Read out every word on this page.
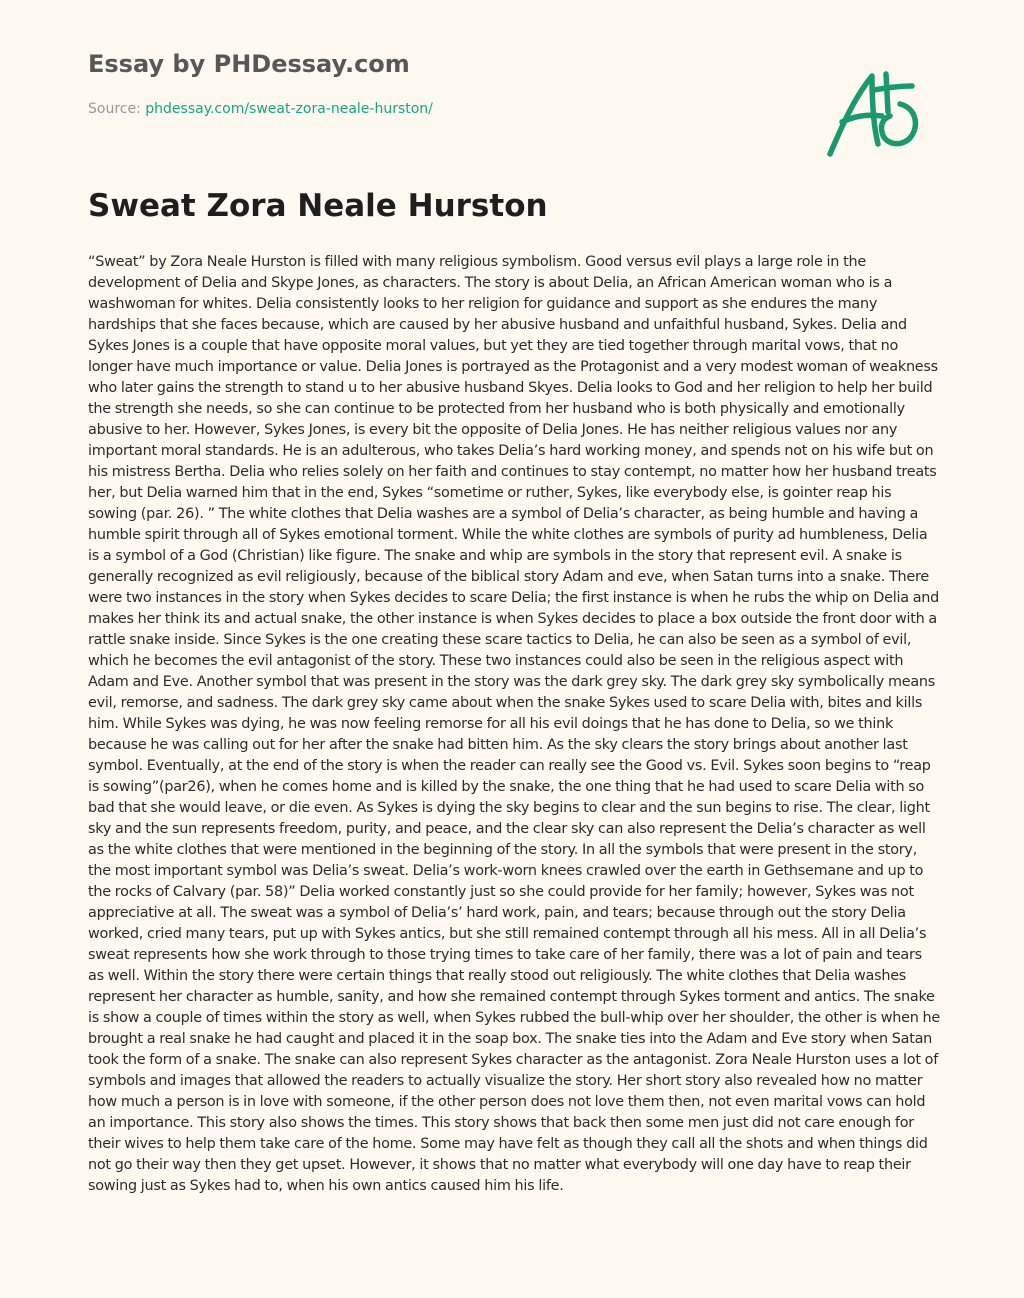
Essay by PHDessay.com
Source: phdessay.com/sweat-zora-neale-hurston/
Sweat Zora Neale Hurston

“Sweat” by Zora Neale Hurston is filled with many religious symbolism. Good versus evil plays a large role in the development of Delia and Skype Jones, as characters. The story is about Delia, an African American woman who is a washwoman for whites. Delia consistently looks to her religion for guidance and support as she endures the many hardships that she faces because, which are caused by her abusive husband and unfaithful husband, Sykes. Delia and Sykes Jones is a couple that have opposite moral values, but yet they are tied together through marital vows, that no longer have much importance or value. Delia Jones is portrayed as the Protagonist and a very modest woman of weakness who later gains the strength to stand u to her abusive husband Skyes. Delia looks to God and her religion to help her build the strength she needs, so she can continue to be protected from her husband who is both physically and emotionally abusive to her. However, Sykes Jones, is every bit the opposite of Delia Jones. He has neither religious values nor any important moral standards. He is an adulterous, who takes Delia’s hard working money, and spends not on his wife but on his mistress Bertha. Delia who relies solely on her faith and continues to stay contempt, no matter how her husband treats her, but Delia warned him that in the end, Sykes “sometime or ruther, Sykes, like everybody else, is gointer reap his sowing (par. 26). ” The white clothes that Delia washes are a symbol of Delia’s character, as being humble and having a humble spirit through all of Sykes emotional torment. While the white clothes are symbols of purity ad humbleness, Delia is a symbol of a God (Christian) like figure. The snake and whip are symbols in the story that represent evil. A snake is generally recognized as evil religiously, because of the biblical story Adam and eve, when Satan turns into a snake. There were two instances in the story when Sykes decides to scare Delia; the first instance is when he rubs the whip on Delia and makes her think its and actual snake, the other instance is when Sykes decides to place a box outside the front door with a rattle snake inside. Since Sykes is the one creating these scare tactics to Delia, he can also be seen as a symbol of evil, which he becomes the evil antagonist of the story. These two instances could also be seen in the religious aspect with Adam and Eve. Another symbol that was present in the story was the dark grey sky. The dark grey sky symbolically means evil, remorse, and sadness. The dark grey sky came about when the snake Sykes used to scare Delia with, bites and kills him. While Sykes was dying, he was now feeling remorse for all his evil doings that he has done to Delia, so we think because he was calling out for her after the snake had bitten him. As the sky clears the story brings about another last symbol. Eventually, at the end of the story is when the reader can really see the Good vs. Evil. Sykes soon begins to “reap is sowing”(par26), when he comes home and is killed by the snake, the one thing that he had used to scare Delia with so bad that she would leave, or die even. As Sykes is dying the sky begins to clear and the sun begins to rise. The clear, light sky and the sun represents freedom, purity, and peace, and the clear sky can also represent the Delia’s character as well as the white clothes that were mentioned in the beginning of the story. In all the symbols that were present in the story, the most important symbol was Delia’s sweat. Delia’s work-worn knees crawled over the earth in Gethsemane and up to the rocks of Calvary (par. 58)” Delia worked constantly just so she could provide for her family; however, Sykes was not appreciative at all. The sweat was a symbol of Delia’s’ hard work, pain, and tears; because through out the story Delia worked, cried many tears, put up with Sykes antics, but she still remained contempt through all his mess. All in all Delia’s sweat represents how she work through to those trying times to take care of her family, there was a lot of pain and tears as well. Within the story there were certain things that really stood out religiously. The white clothes that Delia washes represent her character as humble, sanity, and how she remained contempt through Sykes torment and antics. The snake is show a couple of times within the story as well, when Sykes rubbed the bull-whip over her shoulder, the other is when he brought a real snake he had caught and placed it in the soap box. The snake ties into the Adam and Eve story when Satan took the form of a snake. The snake can also represent Sykes character as the antagonist. Zora Neale Hurston uses a lot of symbols and images that allowed the readers to actually visualize the story. Her short story also revealed how no matter how much a person is in love with someone, if the other person does not love them then, not even marital vows can hold an importance. This story also shows the times. This story shows that back then some men just did not care enough for their wives to help them take care of the home. Some may have felt as though they call all the shots and when things did not go their way then they get upset. However, it shows that no matter what everybody will one day have to reap their sowing just as Sykes had to, when his own antics caused him his life.
